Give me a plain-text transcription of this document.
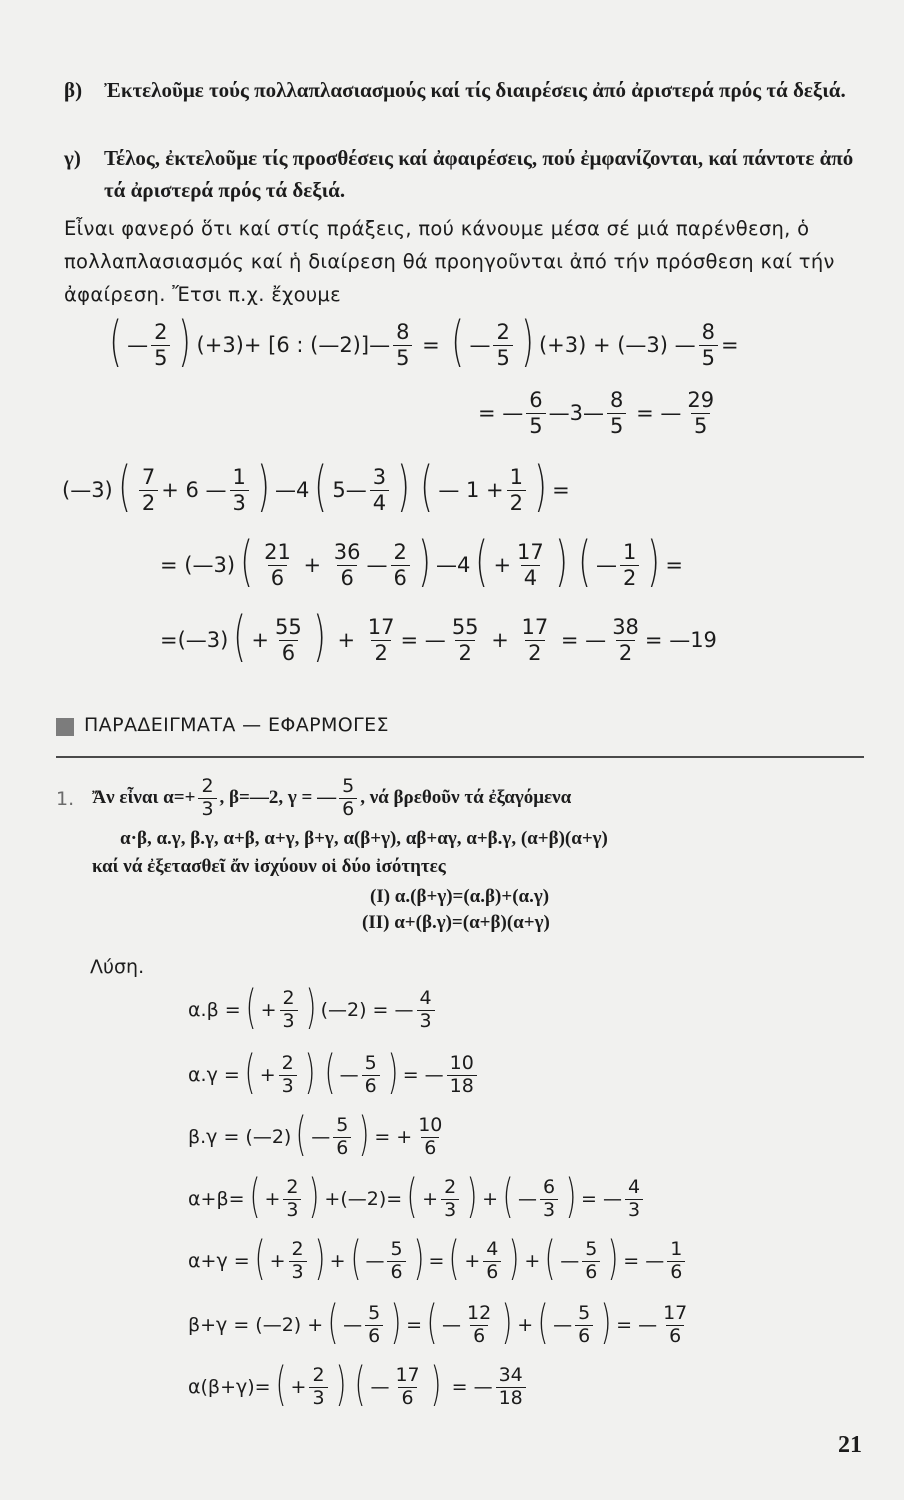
β) Ἐκτελοῦμε τούς πολλαπλασιασμούς καί τίς διαιρέσεις ἀπό ἀριστερά πρός τά δεξιά.
γ) Τέλος, ἐκτελοῦμε τίς προσθέσεις καί ἀφαιρέσεις, πού ἐμφανίζονται, καί πάντοτε ἀπό τά ἀριστερά πρός τά δεξιά.
Εἶναι φανερό ὅτι καί στίς πράξεις, πού κάνουμε μέσα σέ μιά παρένθεση, ὁ πολλαπλασιασμός καί ἡ διαίρεση θά προηγοῦνται ἀπό τήν πρόσθεση καί τήν ἀφαίρεση. Ἔτσι π.χ. ἔχουμε
( — $\frac{2}{5}$ ) (+3)+ [6 : (—2)]— $\frac{8}{5}$ = ( — $\frac{2}{5}$ ) (+3) + (—3) — $\frac{8}{5}$ =
= — $\frac{6}{5}$ —3— $\frac{8}{5}$ = — $\frac{29}{5}$
(—3) ( $\frac{7}{2} + 6$ — $\frac{1}{3}$ ) —4 ( 5— $\frac{3}{4}$ ) ( — $1 + \frac{1}{2}$ ) =
= (—3) ( $\frac{21}{6} + \frac{36}{6}$ — $\frac{2}{6}$ ) —4 ( + $\frac{17}{4}$ ) ( — $\frac{1}{2}$ ) =
=(—3) ( + $\frac{55}{6}$ ) + $\frac{17}{2}$ = — $\frac{55}{2} + \frac{17}{2}$ = — $\frac{38}{2}$ = —19
ΠΑΡΑΔΕΙΓΜΑΤΑ — ΕΦΑΡΜΟΓΕΣ
1. Ἄν εἶναι $\alpha=+ \frac{2}{3}$ , β=—2, γ = — $\frac{5}{6}$ , νά βρεθοῦν τά ἐξαγόμενα
α·β, α.γ, β.γ, α+β, α+γ, β+γ, α(β+γ), αβ+αγ, α+β.γ, (α+β)(α+γ)
καί νά ἐξετασθεῖ ἄν ἰσχύουν οἱ δύο ἰσότητες
(I) α.(β+γ)=(α.β)+(α.γ)
(II) α+(β.γ)=(α+β)(α+γ)
Λύση.
α.β = ( + $\frac{2}{3}$ ) (—2) = — $\frac{4}{3}$
α.γ = ( + $\frac{2}{3}$ ) ( — $\frac{5}{6}$ ) = — $\frac{10}{18}$
β.γ = (—2) ( — $\frac{5}{6}$ ) = + $\frac{10}{6}$
α+β= ( + $\frac{2}{3}$ ) +(—2)= ( + $\frac{2}{3}$ ) + ( — $\frac{6}{3}$ ) = — $\frac{4}{3}$
α+γ = ( + $\frac{2}{3}$ ) + ( — $\frac{5}{6}$ ) = ( + $\frac{4}{6}$ ) + ( — $\frac{5}{6}$ ) = — $\frac{1}{6}$
β+γ = (—2) + ( — $\frac{5}{6}$ ) = ( — $\frac{12}{6}$ ) + ( — $\frac{5}{6}$ ) = — $\frac{17}{6}$
α(β+γ)= ( + $\frac{2}{3}$ ) ( — $\frac{17}{6}$ ) = — $\frac{34}{18}$
21
